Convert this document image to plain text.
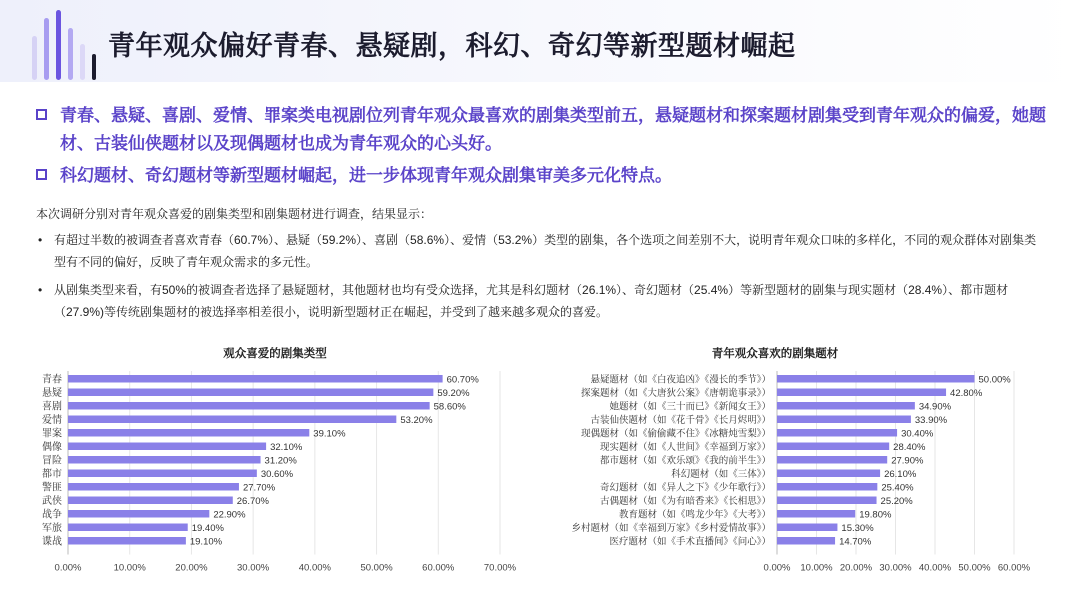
青年观众偏好青春、悬疑剧，科幻、奇幻等新型题材崛起
青春、悬疑、喜剧、爱情、罪案类电视剧位列青年观众最喜欢的剧集类型前五，悬疑题材和探案题材剧集受到青年观众的偏爱，她题材、古装仙侠题材以及现偶题材也成为青年观众的心头好。
科幻题材、奇幻题材等新型题材崛起，进一步体现青年观众剧集审美多元化特点。
本次调研分别对青年观众喜爱的剧集类型和剧集题材进行调查，结果显示：
• 有超过半数的被调查者喜欢青春（60.7%）、悬疑（59.2%）、喜剧（58.6%）、爱情（53.2%）类型的剧集，各个选项之间差别不大，说明青年观众口味的多样化，不同的观众群体对剧集类型有不同的偏好，反映了青年观众需求的多元性。
• 从剧集类型来看，有50%的被调查者选择了悬疑题材，其他题材也均有受众选择，尤其是科幻题材（26.1%）、奇幻题材（25.4%）等新型题材的剧集与现实题材（28.4%）、都市题材（27.9%)等传统剧集题材的被选择率相差很小，说明新型题材正在崛起，并受到了越来越多观众的喜爱。
观众喜爱的剧集类型	青年观众喜欢的剧集题材
0.00%	10.00%	20.00%	30.00%	40.00%	50.00%	60.00%	70.00%
青春	60.70%
悬疑	59.20%
喜剧	58.60%
爱情	53.20%
罪案	39.10%
偶像	32.10%
冒险	31.20%
都市	30.60%
警匪	27.70%
武侠	26.70%
战争	22.90%
军旅	19.40%
谍战	19.10%
0.00% 10.00% 20.00% 30.00% 40.00% 50.00% 60.00%
悬疑题材（如《白夜追凶》《漫长的季节》）	50.00%
探案题材（如《大唐狄公案》《唐朝诡事录》）	42.80%
她题材（如《三十而已》《新闻女王》）	34.90%
古装仙侠题材（如《花千骨》《长月烬明》）	33.90%
现偶题材（如《偷偷藏不住》《冰糖炖雪梨》）	30.40%
现实题材（如《人世间》《幸福到万家》）	28.40%
都市题材（如《欢乐颂》《我的前半生》）	27.90%
科幻题材（如《三体》）	26.10%
奇幻题材（如《异人之下》《少年歌行》）	25.40%
古偶题材（如《为有暗香来》《长相思》）	25.20%
教育题材（如《鸣龙少年》《大考》）	19.80%
乡村题材（如《幸福到万家》《乡村爱情故事》）	15.30%
医疗题材（如《手术直播间》《问心》）	14.70%
